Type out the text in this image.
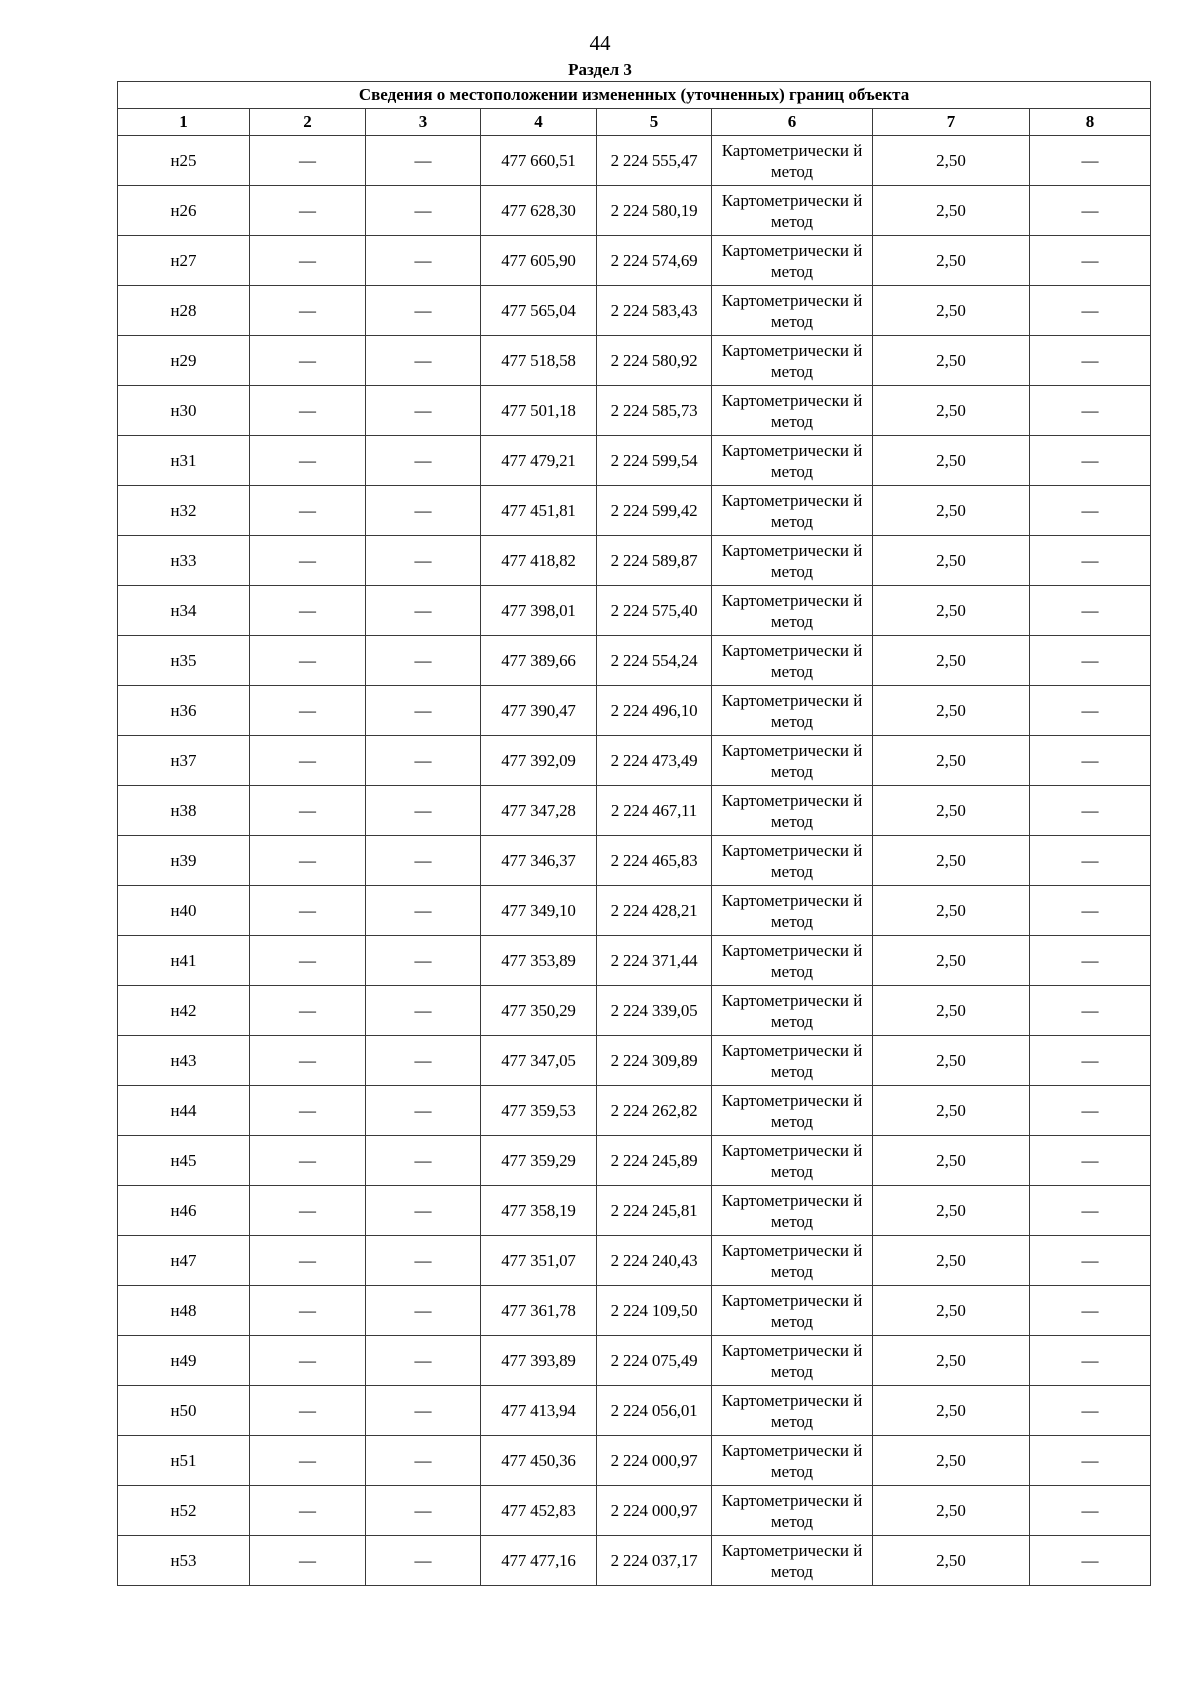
44
Раздел 3
Сведения о местоположении измененных (уточненных) границ объекта							
1	2	3	4	5	6	7	8
н25	—	—	477 660,51	2 224 555,47	Картометрически й метод	2,50	—
н26	—	—	477 628,30	2 224 580,19	Картометрически й метод	2,50	—
н27	—	—	477 605,90	2 224 574,69	Картометрически й метод	2,50	—
н28	—	—	477 565,04	2 224 583,43	Картометрически й метод	2,50	—
н29	—	—	477 518,58	2 224 580,92	Картометрически й метод	2,50	—
н30	—	—	477 501,18	2 224 585,73	Картометрически й метод	2,50	—
н31	—	—	477 479,21	2 224 599,54	Картометрически й метод	2,50	—
н32	—	—	477 451,81	2 224 599,42	Картометрически й метод	2,50	—
н33	—	—	477 418,82	2 224 589,87	Картометрически й метод	2,50	—
н34	—	—	477 398,01	2 224 575,40	Картометрически й метод	2,50	—
н35	—	—	477 389,66	2 224 554,24	Картометрически й метод	2,50	—
н36	—	—	477 390,47	2 224 496,10	Картометрически й метод	2,50	—
н37	—	—	477 392,09	2 224 473,49	Картометрически й метод	2,50	—
н38	—	—	477 347,28	2 224 467,11	Картометрически й метод	2,50	—
н39	—	—	477 346,37	2 224 465,83	Картометрически й метод	2,50	—
н40	—	—	477 349,10	2 224 428,21	Картометрически й метод	2,50	—
н41	—	—	477 353,89	2 224 371,44	Картометрически й метод	2,50	—
н42	—	—	477 350,29	2 224 339,05	Картометрически й метод	2,50	—
н43	—	—	477 347,05	2 224 309,89	Картометрически й метод	2,50	—
н44	—	—	477 359,53	2 224 262,82	Картометрически й метод	2,50	—
н45	—	—	477 359,29	2 224 245,89	Картометрически й метод	2,50	—
н46	—	—	477 358,19	2 224 245,81	Картометрически й метод	2,50	—
н47	—	—	477 351,07	2 224 240,43	Картометрически й метод	2,50	—
н48	—	—	477 361,78	2 224 109,50	Картометрически й метод	2,50	—
н49	—	—	477 393,89	2 224 075,49	Картометрически й метод	2,50	—
н50	—	—	477 413,94	2 224 056,01	Картометрически й метод	2,50	—
н51	—	—	477 450,36	2 224 000,97	Картометрически й метод	2,50	—
н52	—	—	477 452,83	2 224 000,97	Картометрически й метод	2,50	—
н53	—	—	477 477,16	2 224 037,17	Картометрически й метод	2,50	—
